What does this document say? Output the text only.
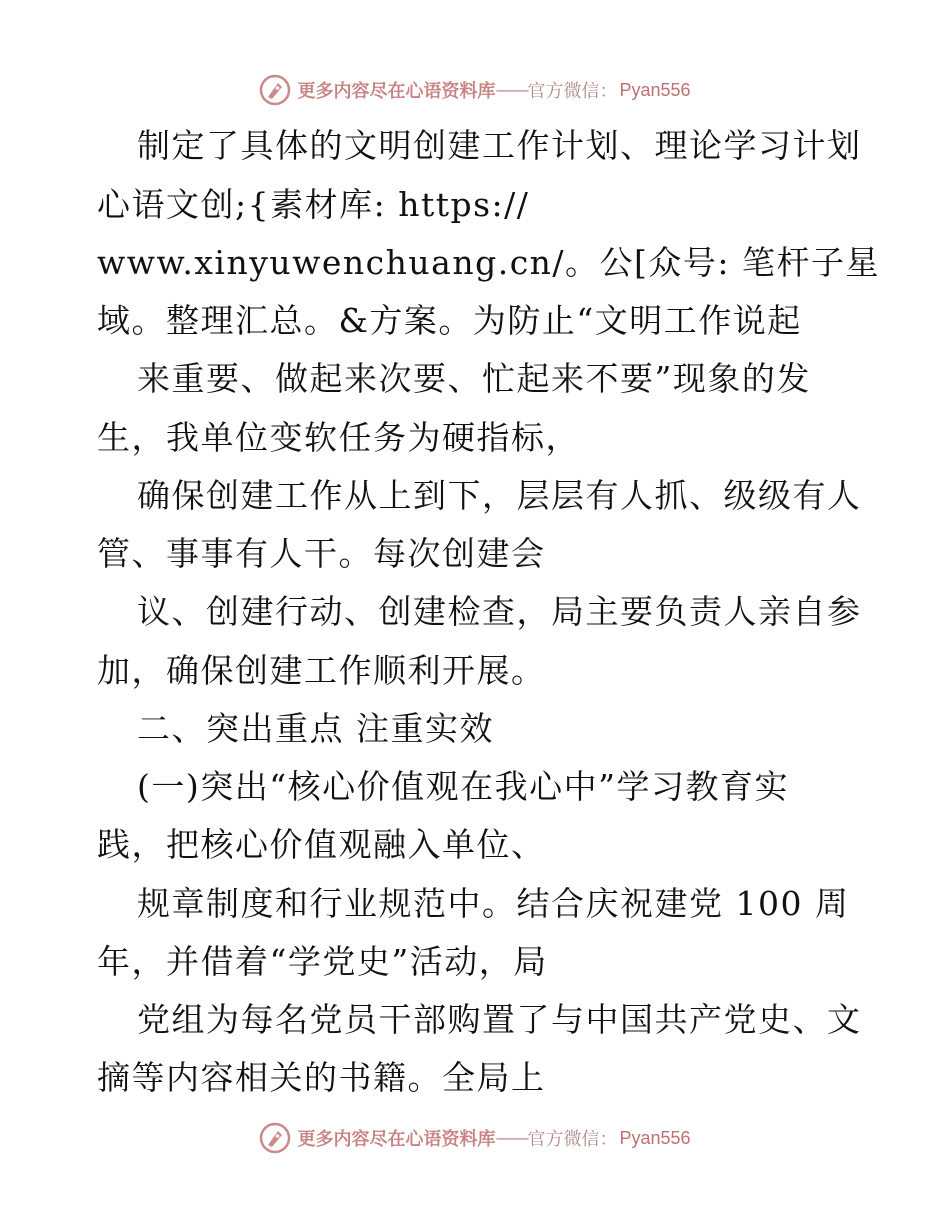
更多内容尽在心语资料库 —— 官方微信： Pyan556
制定了具体的文明创建工作计划、理论学习计划
心语文创;{素材库: https://
www.xinyuwenchuang.cn/。公[众号: 笔杆子星
域。整理汇总。&方案。为防止“文明工作说起
来重要、做起来次要、忙起来不要”现象的发
生，我单位变软任务为硬指标，
确保创建工作从上到下，层层有人抓、级级有人
管、事事有人干。每次创建会
议、创建行动、创建检查，局主要负责人亲自参
加，确保创建工作顺利开展。
二、突出重点 注重实效
(一)突出“核心价值观在我心中”学习教育实
践，把核心价值观融入单位、
规章制度和行业规范中。结合庆祝建党 100 周
年，并借着“学党史”活动，局
党组为每名党员干部购置了与中国共产党史、文
摘等内容相关的书籍。全局上
更多内容尽在心语资料库 —— 官方微信： Pyan556
